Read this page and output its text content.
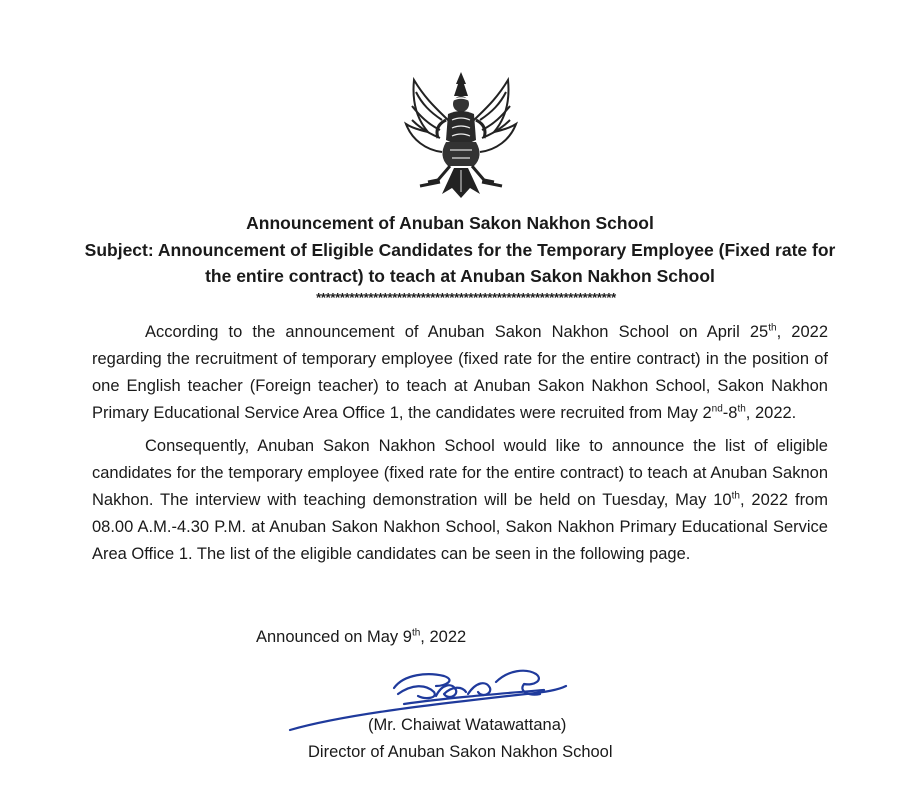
Announcement of Anuban Sakon Nakhon School
Subject: Announcement of Eligible Candidates for the Temporary Employee (Fixed rate for the entire contract) to teach at Anuban Sakon Nakhon School
***************************************************************

According to the announcement of Anuban Sakon Nakhon School on April 25th, 2022 regarding the recruitment of temporary employee (fixed rate for the entire contract) in the position of one English teacher (Foreign teacher) to teach at Anuban Sakon Nakhon School, Sakon Nakhon Primary Educational Service Area Office 1, the candidates were recruited from May 2nd-8th, 2022.

Consequently, Anuban Sakon Nakhon School would like to announce the list of eligible candidates for the temporary employee (fixed rate for the entire contract) to teach at Anuban Saknon Nakhon. The interview with teaching demonstration will be held on Tuesday, May 10th, 2022 from 08.00 A.M.-4.30 P.M. at Anuban Sakon Nakhon School, Sakon Nakhon Primary Educational Service Area Office 1. The list of the eligible candidates can be seen in the following page.

Announced on May 9th, 2022
(Mr. Chaiwat Watawattana)
Director of Anuban Sakon Nakhon School
